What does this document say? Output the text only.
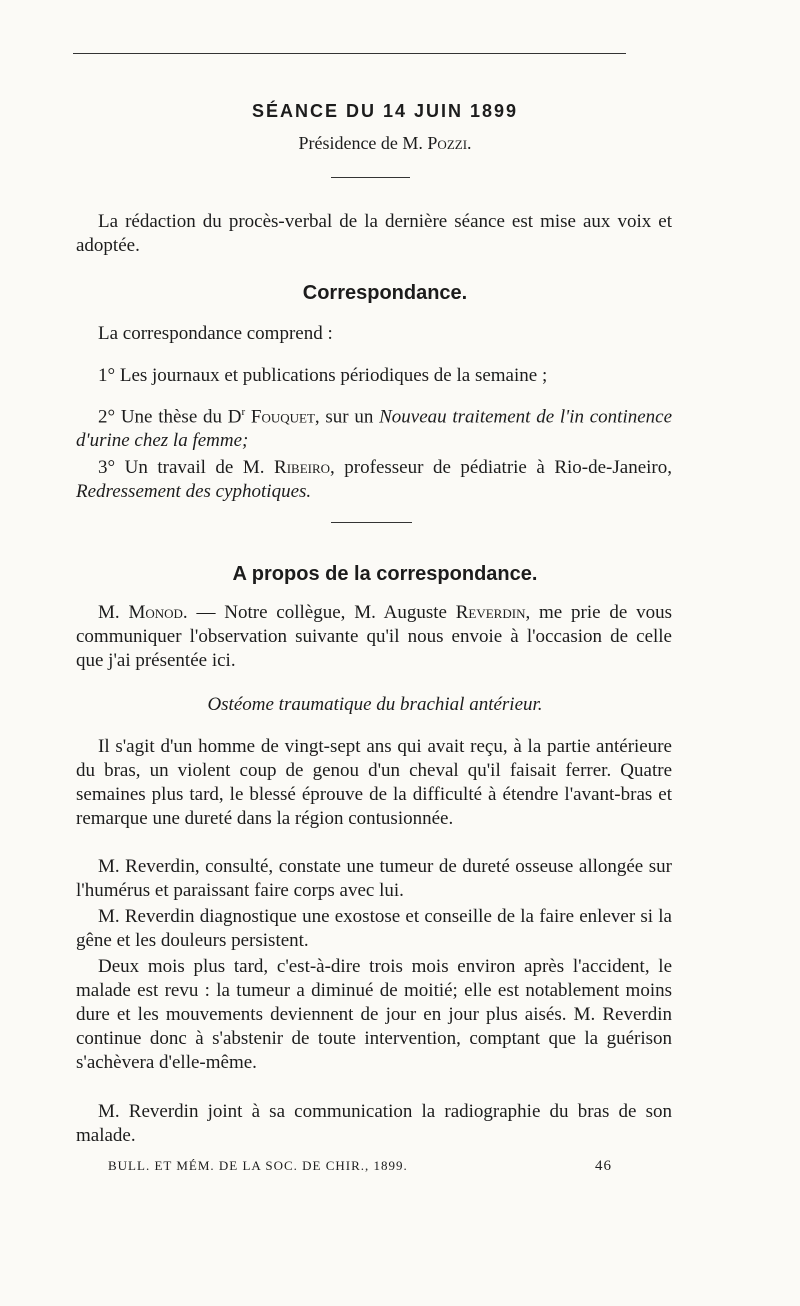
SÉANCE DU 14 JUIN 1899
Présidence de M. Pozzi.
La rédaction du procès-verbal de la dernière séance est mise aux voix et adoptée.
Correspondance.
La correspondance comprend :
1° Les journaux et publications périodiques de la semaine ;
2° Une thèse du $D^r$ Fouquet, sur un Nouveau traitement de l'in continence d'urine chez la femme;
3° Un travail de M. Ribeiro, professeur de pédiatrie à Rio-de-Janeiro, Redressement des cyphotiques.
A propos de la correspondance.
M. Monod. — Notre collègue, M. Auguste Reverdin, me prie de vous communiquer l'observation suivante qu'il nous envoie à l'occasion de celle que j'ai présentée ici.
Ostéome traumatique du brachial antérieur.
Il s'agit d'un homme de vingt-sept ans qui avait reçu, à la partie antérieure du bras, un violent coup de genou d'un cheval qu'il faisait ferrer. Quatre semaines plus tard, le blessé éprouve de la difficulté à étendre l'avant-bras et remarque une dureté dans la région contusionnée.
M. Reverdin, consulté, constate une tumeur de dureté osseuse allongée sur l'humérus et paraissant faire corps avec lui.
M. Reverdin diagnostique une exostose et conseille de la faire enlever si la gêne et les douleurs persistent.
Deux mois plus tard, c'est-à-dire trois mois environ après l'accident, le malade est revu : la tumeur a diminué de moitié; elle est notablement moins dure et les mouvements deviennent de jour en jour plus aisés. M. Reverdin continue donc à s'abstenir de toute intervention, comptant que la guérison s'achèvera d'elle-même.
M. Reverdin joint à sa communication la radiographie du bras de son malade.
BULL. ET MÉM. DE LA SOC. DE CHIR., 1899.	46
